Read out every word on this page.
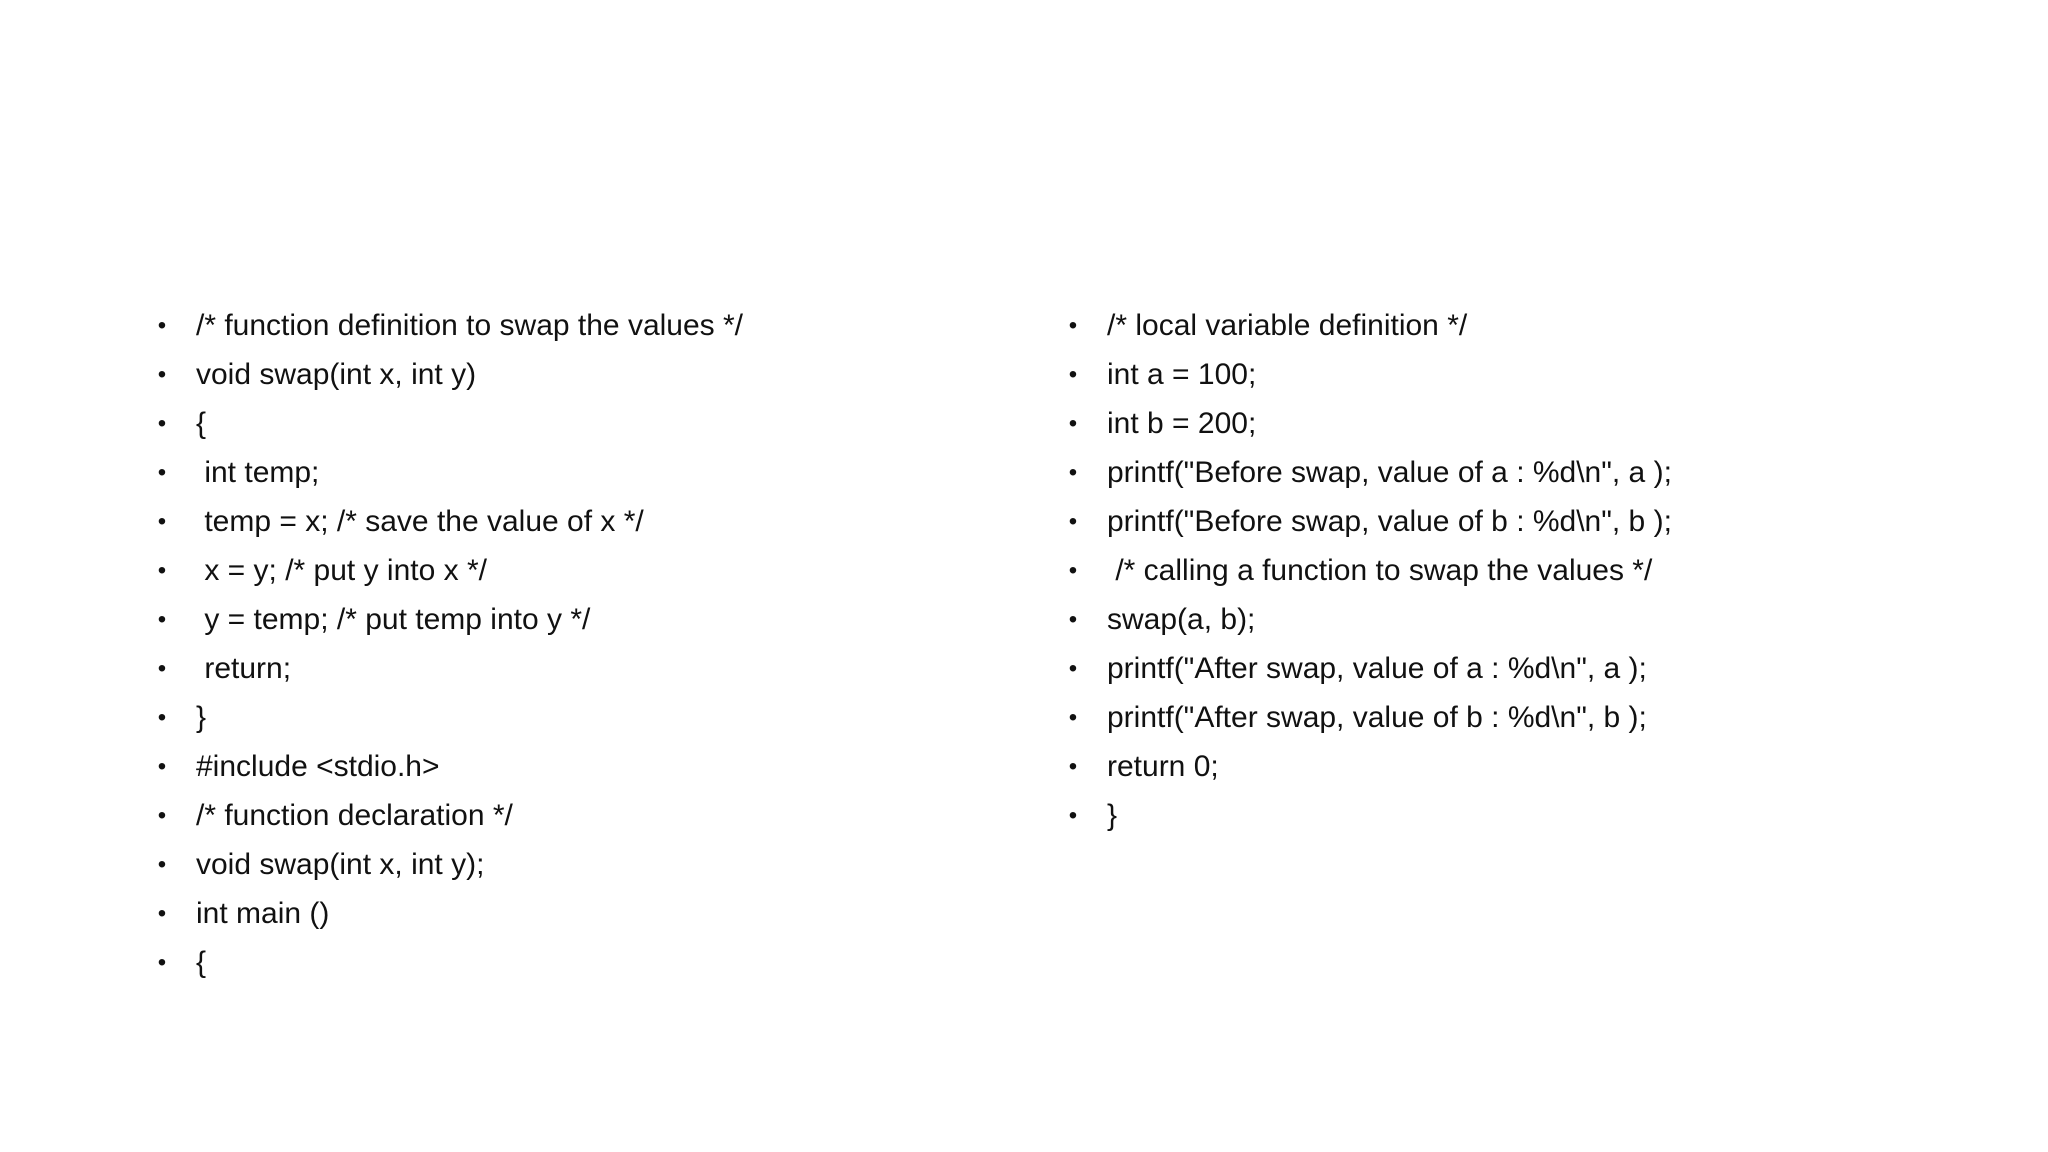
• /* function definition to swap the values */
• void swap(int x, int y)
• {
• int temp;
• temp = x; /* save the value of x */
• x = y; /* put y into x */
• y = temp; /* put temp into y */
• return;
• }
• #include <stdio.h>
• /* function declaration */
• void swap(int x, int y);
• int main ()
• {
• /* local variable definition */
• int a = 100;
• int b = 200;
• printf("Before swap, value of a : %d\n", a );
• printf("Before swap, value of b : %d\n", b );
• /* calling a function to swap the values */
• swap(a, b);
• printf("After swap, value of a : %d\n", a );
• printf("After swap, value of b : %d\n", b );
• return 0;
• }
